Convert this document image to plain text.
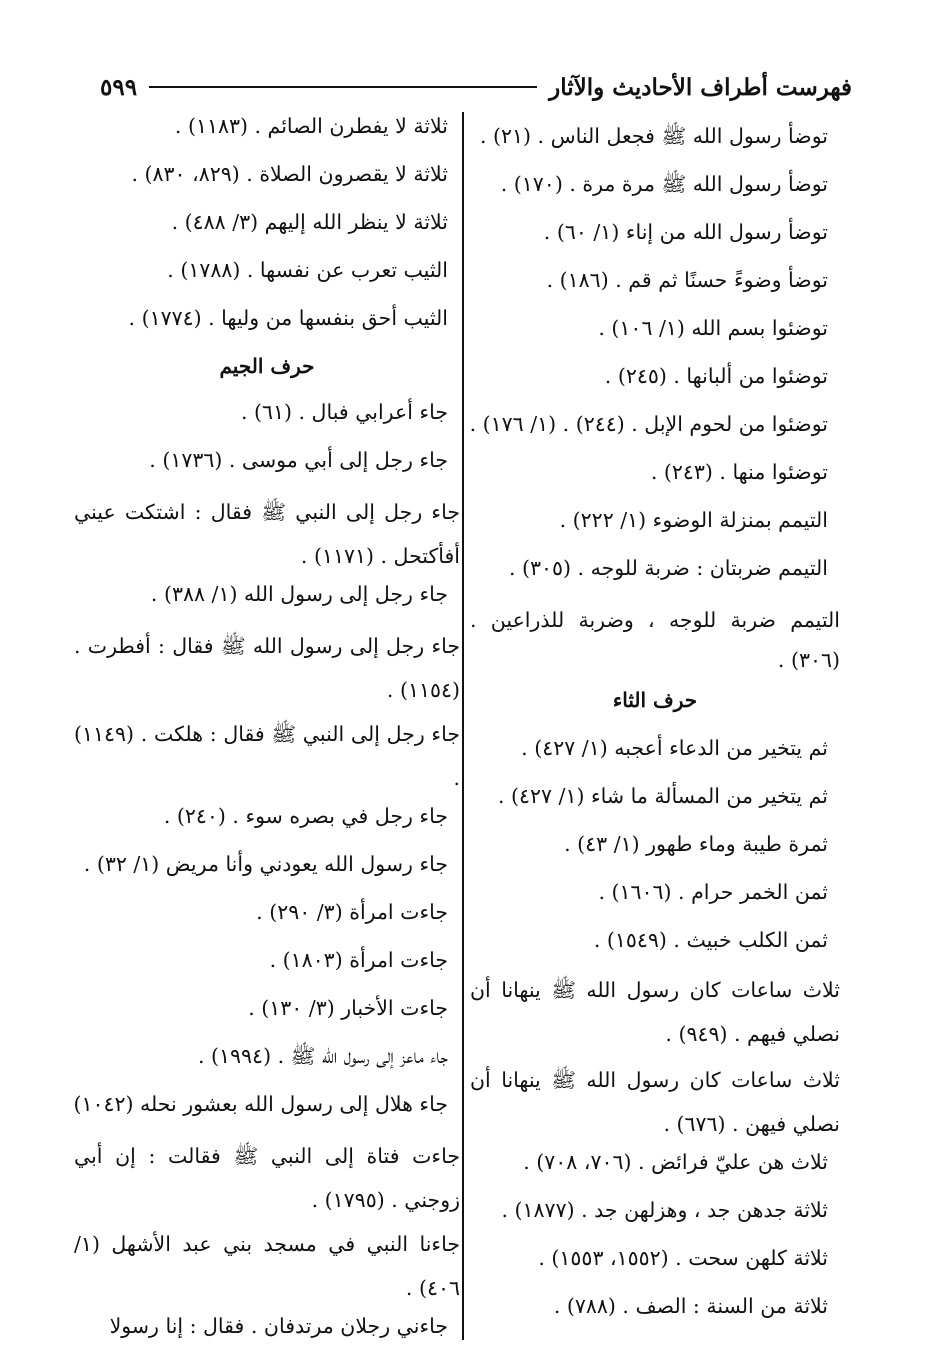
فهرست أطراف الأحاديث والآثار
٥٩٩
توضأ رسول الله ﷺ فجعل الناس . (٢١) .
توضأ رسول الله ﷺ مرة مرة . (١٧٠) .
توضأ رسول الله من إناء (١/ ٦٠) .
توضأ وضوءً حسنًا ثم قم . (١٨٦) .
توضئوا بسم الله (١/ ١٠٦) .
توضئوا من ألبانها . (٢٤٥) .
توضئوا من لحوم الإبل . (٢٤٤) . (١/ ١٧٦) .
توضئوا منها . (٢٤٣) .
التيمم بمنزلة الوضوء (١/ ٢٢٢) .
التيمم ضربتان : ضربة للوجه . (٣٠٥) .
التيمم ضربة للوجه ، وضربة للذراعين . (٣٠٦) .
حرف الثاء
ثم يتخير من الدعاء أعجبه (١/ ٤٢٧) .
ثم يتخير من المسألة ما شاء (١/ ٤٢٧) .
ثمرة طيبة وماء طهور (١/ ٤٣) .
ثمن الخمر حرام . (١٦٠٦) .
ثمن الكلب خبيث . (١٥٤٩) .
ثلاث ساعات كان رسول الله ﷺ ينهانا أن نصلي فيهم . (٩٤٩) .
ثلاث ساعات كان رسول الله ﷺ ينهانا أن نصلي فيهن . (٦٧٦) .
ثلاث هن عليّ فرائض . (٧٠٦، ٧٠٨) .
ثلاثة جدهن جد ، وهزلهن جد . (١٨٧٧) .
ثلاثة كلهن سحت . (١٥٥٢، ١٥٥٣) .
ثلاثة من السنة : الصف . (٧٨٨) .
ثلاثة لا يفطرن الصائم . (١١٨٣) .
ثلاثة لا يقصرون الصلاة . (٨٢٩، ٨٣٠) .
ثلاثة لا ينظر الله إليهم (٣/ ٤٨٨) .
الثيب تعرب عن نفسها . (١٧٨٨) .
الثيب أحق بنفسها من وليها . (١٧٧٤) .
حرف الجيم
جاء أعرابي فبال . (٦١) .
جاء رجل إلى أبي موسى . (١٧٣٦) .
جاء رجل إلى النبي ﷺ فقال : اشتكت عيني أفأكتحل . (١١٧١) .
جاء رجل إلى رسول الله (١/ ٣٨٨) .
جاء رجل إلى رسول الله ﷺ فقال : أفطرت . (١١٥٤) .
جاء رجل إلى النبي ﷺ فقال : هلكت . (١١٤٩) .
جاء رجل في بصره سوء . (٢٤٠) .
جاء رسول الله يعودني وأنا مريض (١/ ٣٢) .
جاءت امرأة (٣/ ٢٩٠) .
جاءت امرأة (١٨٠٣) .
جاءت الأخبار (٣/ ١٣٠) .
جاء ماعز إلى رسول الله ﷺ . (١٩٩٤) .
جاء هلال إلى رسول الله بعشور نحله (١٠٤٢)
جاءت فتاة إلى النبي ﷺ فقالت : إن أبي زوجني . (١٧٩٥) .
جاءنا النبي في مسجد بني عبد الأشهل (١/ ٤٠٦) .
جاءني رجلان مرتدفان . فقال : إنا رسولا
